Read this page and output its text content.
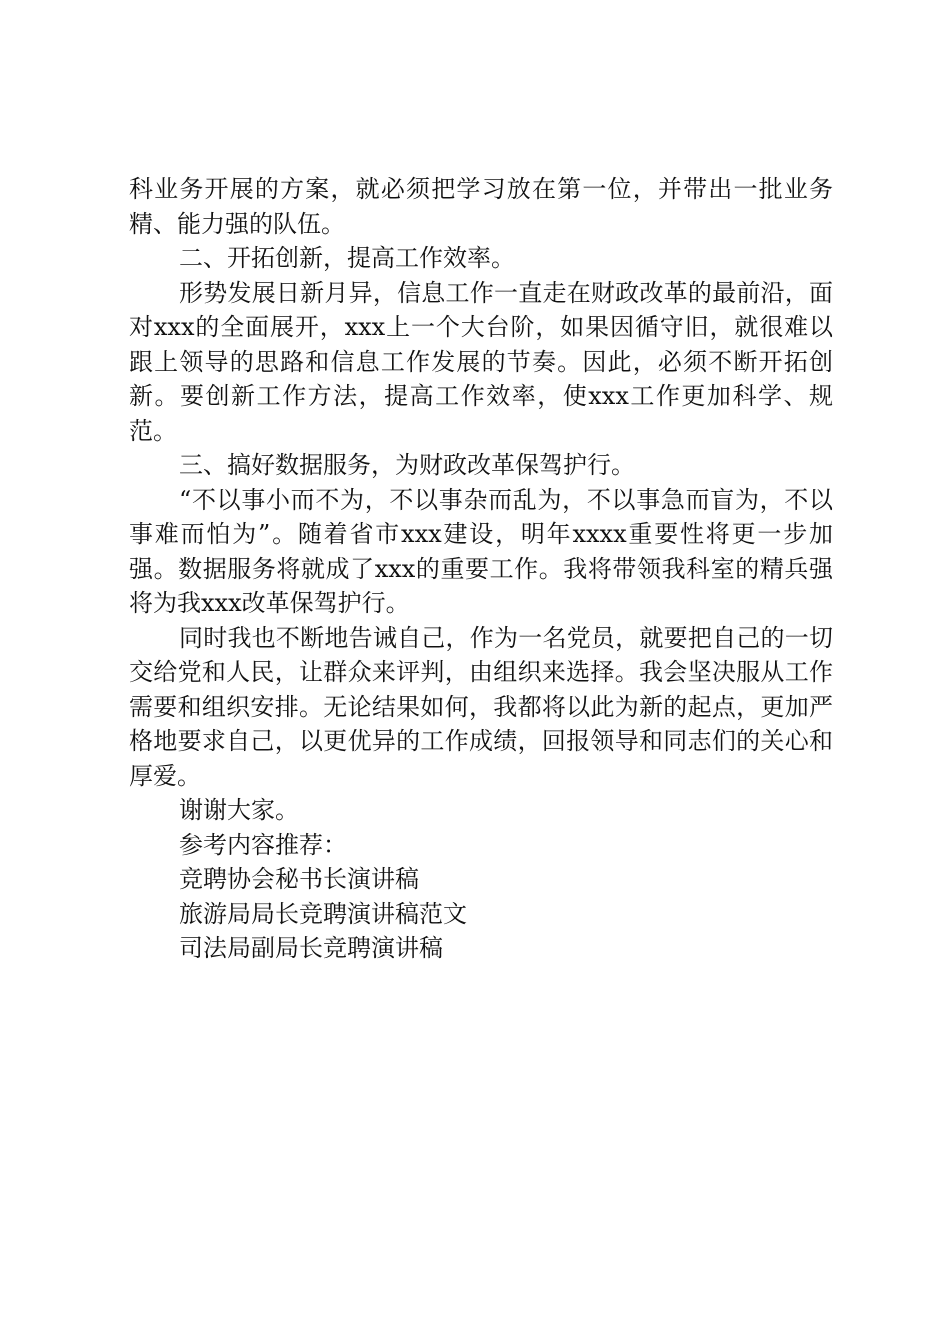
科业务开展的方案，就必须把学习放在第一位，并带出一批业务精、能力强的队伍。

二、开拓创新，提高工作效率。

形势发展日新月异，信息工作一直走在财政改革的最前沿，面对xxx的全面展开，xxx上一个大台阶，如果因循守旧，就很难以跟上领导的思路和信息工作发展的节奏。因此，必须不断开拓创新。要创新工作方法，提高工作效率，使xxx工作更加科学、规范。

三、搞好数据服务，为财政改革保驾护行。

“不以事小而不为，不以事杂而乱为，不以事急而盲为，不以事难而怕为”。随着省市xxx建设，明年xxxx重要性将更一步加强。数据服务将就成了xxx的重要工作。我将带领我科室的精兵强将为我xxx改革保驾护行。

同时我也不断地告诫自己，作为一名党员，就要把自己的一切交给党和人民，让群众来评判，由组织来选择。我会坚决服从工作需要和组织安排。无论结果如何，我都将以此为新的起点，更加严格地要求自己，以更优异的工作成绩，回报领导和同志们的关心和厚爱。

谢谢大家。

参考内容推荐：

竞聘协会秘书长演讲稿
旅游局局长竞聘演讲稿范文
司法局副局长竞聘演讲稿
